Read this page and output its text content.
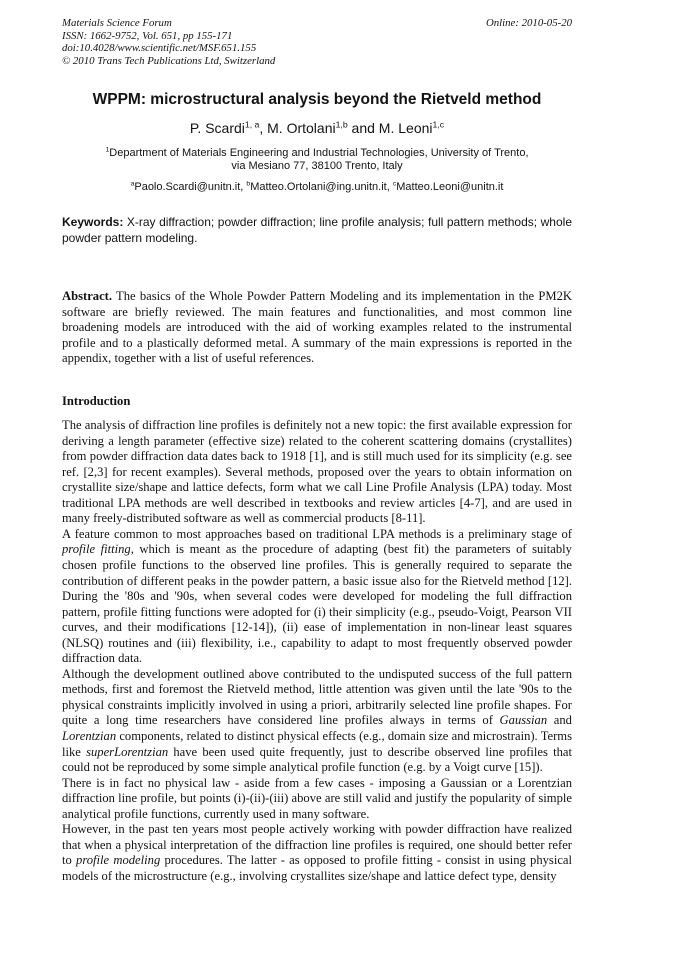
Materials Science Forum
ISSN: 1662-9752, Vol. 651, pp 155-171
doi:10.4028/www.scientific.net/MSF.651.155
© 2010 Trans Tech Publications Ltd, Switzerland
Online: 2010-05-20
WPPM: microstructural analysis beyond the Rietveld method
P. Scardi$^{1, a}$, M. Ortolani$^{1,b}$ and M. Leoni$^{1,c}$
$^1$Department of Materials Engineering and Industrial Technologies, University of Trento,
via Mesiano 77, 38100 Trento, Italy
$^a$Paolo.Scardi@unitn.it, $^b$Matteo.Ortolani@ing.unitn.it, $^c$Matteo.Leoni@unitn.it
Keywords: X-ray diffraction; powder diffraction; line profile analysis; full pattern methods; whole powder pattern modeling.
Abstract. The basics of the Whole Powder Pattern Modeling and its implementation in the PM2K software are briefly reviewed. The main features and functionalities, and most common line broadening models are introduced with the aid of working examples related to the instrumental profile and to a plastically deformed metal. A summary of the main expressions is reported in the appendix, together with a list of useful references.
Introduction

The analysis of diffraction line profiles is definitely not a new topic: the first available expression for deriving a length parameter (effective size) related to the coherent scattering domains (crystallites) from powder diffraction data dates back to 1918 [1], and is still much used for its simplicity (e.g. see ref. [2,3] for recent examples). Several methods, proposed over the years to obtain information on crystallite size/shape and lattice defects, form what we call Line Profile Analysis (LPA) today. Most traditional LPA methods are well described in textbooks and review articles [4-7], and are used in many freely-distributed software as well as commercial products [8-11].

A feature common to most approaches based on traditional LPA methods is a preliminary stage of profile fitting, which is meant as the procedure of adapting (best fit) the parameters of suitably chosen profile functions to the observed line profiles. This is generally required to separate the contribution of different peaks in the powder pattern, a basic issue also for the Rietveld method [12]. During the '80s and '90s, when several codes were developed for modeling the full diffraction pattern, profile fitting functions were adopted for (i) their simplicity (e.g., pseudo-Voigt, Pearson VII curves, and their modifications [12-14]), (ii) ease of implementation in non-linear least squares (NLSQ) routines and (iii) flexibility, i.e., capability to adapt to most frequently observed powder diffraction data.

Although the development outlined above contributed to the undisputed success of the full pattern methods, first and foremost the Rietveld method, little attention was given until the late '90s to the physical constraints implicitly involved in using a priori, arbitrarily selected line profile shapes. For quite a long time researchers have considered line profiles always in terms of Gaussian and Lorentzian components, related to distinct physical effects (e.g., domain size and microstrain). Terms like superLorentzian have been used quite frequently, just to describe observed line profiles that could not be reproduced by some simple analytical profile function (e.g. by a Voigt curve [15]).

There is in fact no physical law - aside from a few cases - imposing a Gaussian or a Lorentzian diffraction line profile, but points (i)-(ii)-(iii) above are still valid and justify the popularity of simple analytical profile functions, currently used in many software.

However, in the past ten years most people actively working with powder diffraction have realized that when a physical interpretation of the diffraction line profiles is required, one should better refer to profile modeling procedures. The latter - as opposed to profile fitting - consist in using physical models of the microstructure (e.g., involving crystallites size/shape and lattice defect type, density
